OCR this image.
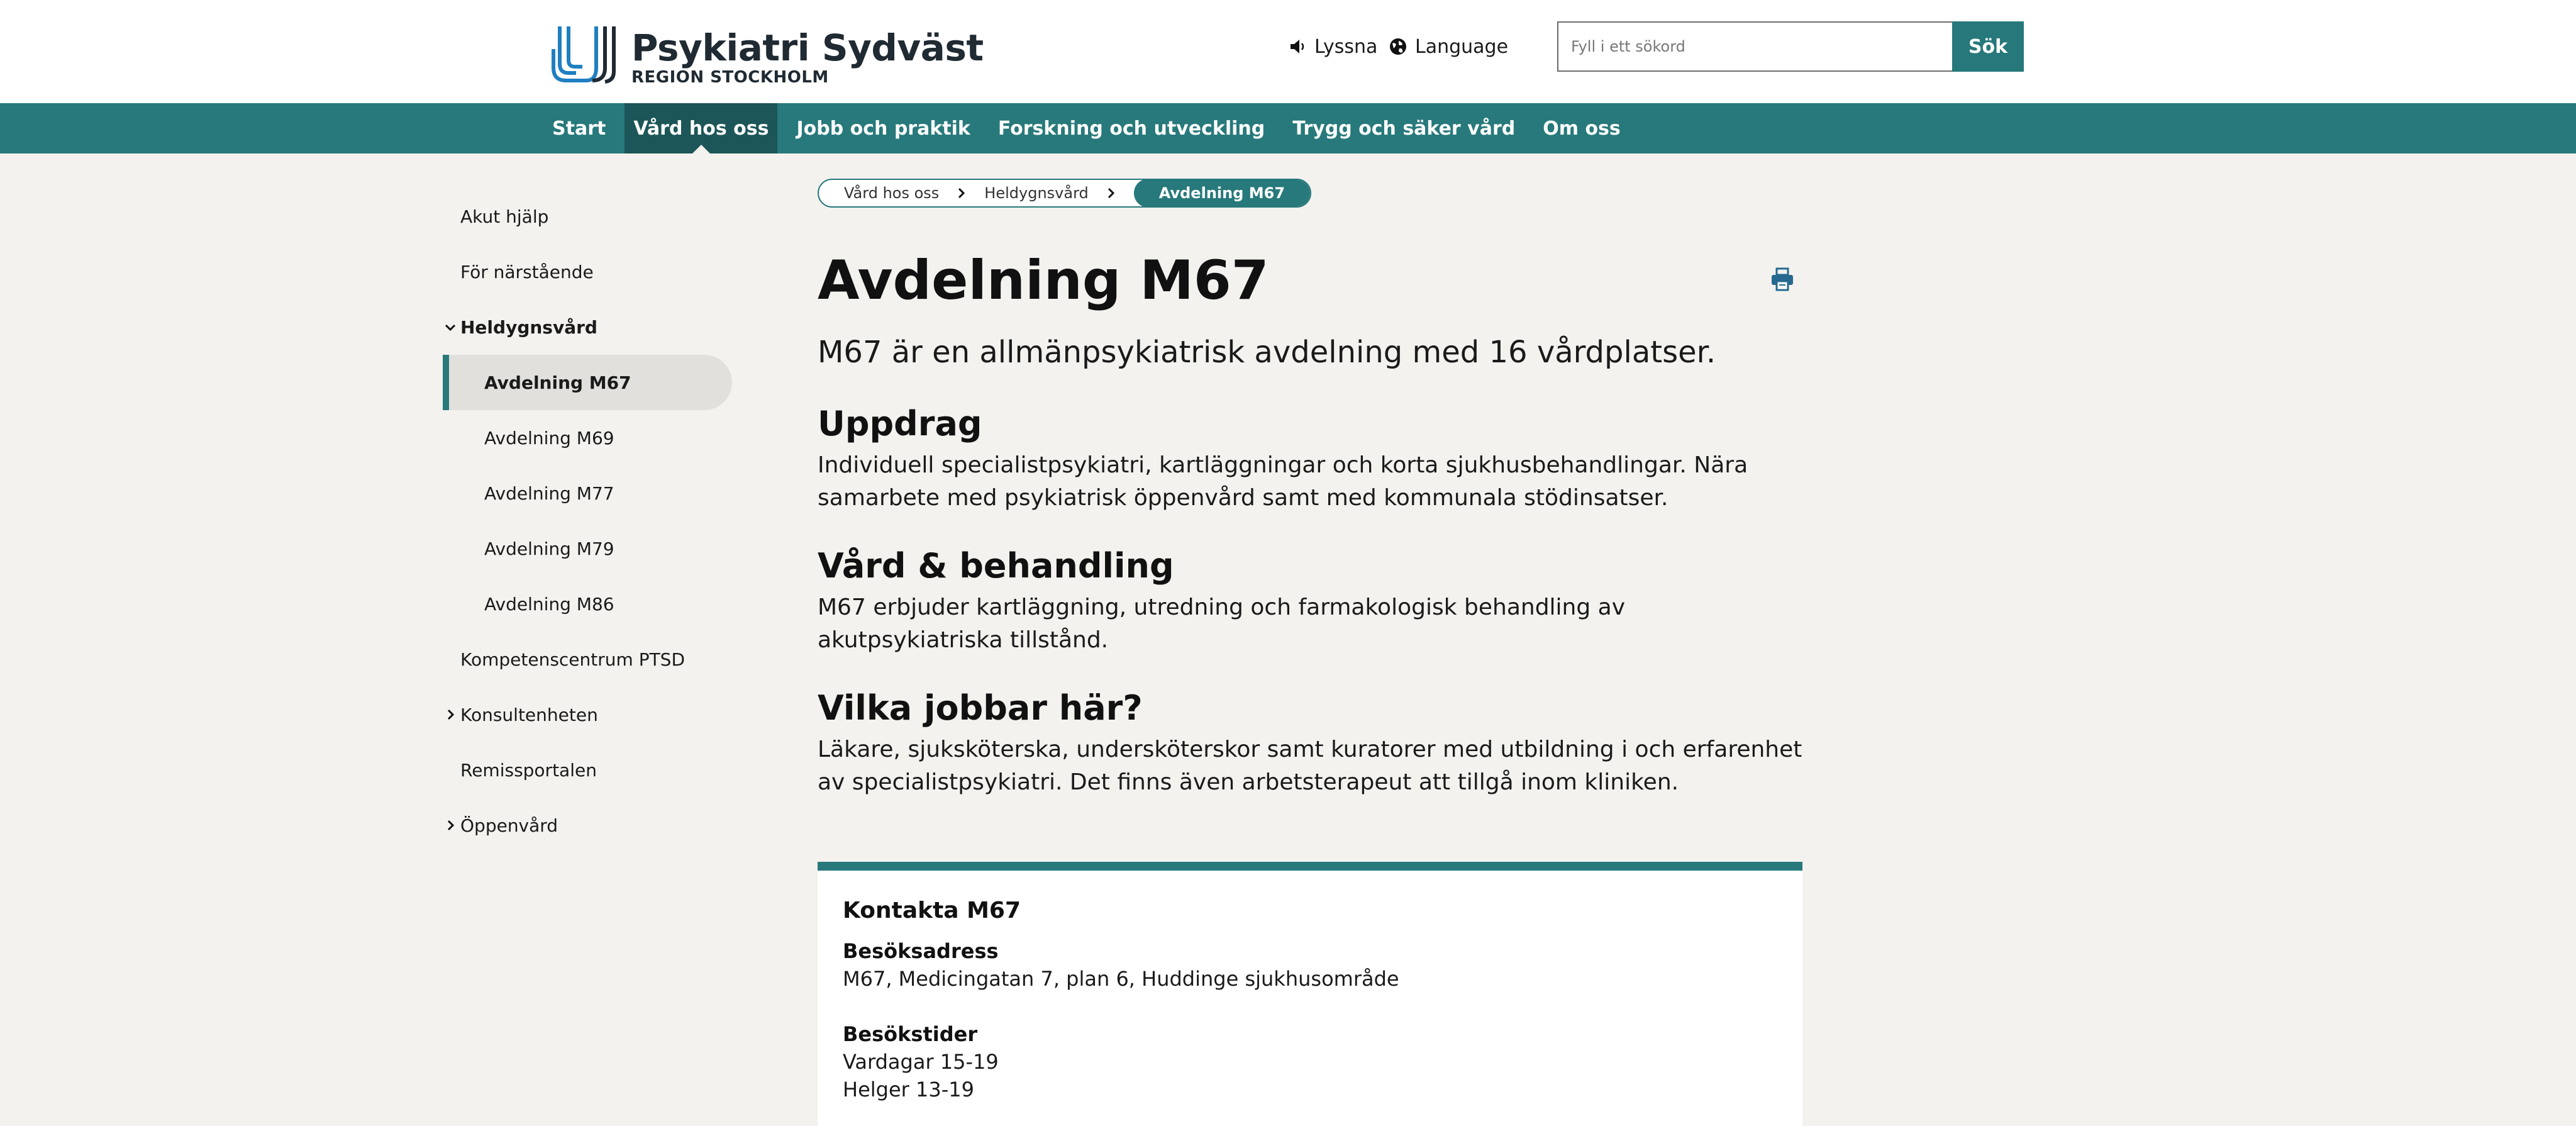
Psykiatri Sydväst
REGION STOCKHOLM
Lyssna Language
Fyll i ett sökord	Sök
Start	Vård hos oss	Jobb och praktik	Forskning och utveckling	Trygg och säker vård	Om oss
Akut hjälp
För närstående
Heldygnsvård
Avdelning M67
Avdelning M69
Avdelning M77
Avdelning M79
Avdelning M86
Kompetenscentrum PTSD
Konsultenheten
Remissportalen
Öppenvård
Vård hos oss	Heldygnsvård	Avdelning M67
Avdelning M67

M67 är en allmänpsykiatrisk avdelning med 16 vårdplatser.

Uppdrag

Individuell specialistpsykiatri, kartläggningar och korta sjukhusbehandlingar. Nära samarbete med psykiatrisk öppenvård samt med kommunala stödinsatser.

Vård & behandling

M67 erbjuder kartläggning, utredning och farmakologisk behandling av akutpsykiatriska tillstånd.

Vilka jobbar här?

Läkare, sjuksköterska, undersköterskor samt kuratorer med utbildning i och erfarenhet av specialistpsykiatri. Det finns även arbetsterapeut att tillgå inom kliniken.

Kontakta M67
Besöksadress
M67, Medicingatan 7, plan 6, Huddinge sjukhusområde
Besökstider
Vardagar 15-19
Helger 13-19
